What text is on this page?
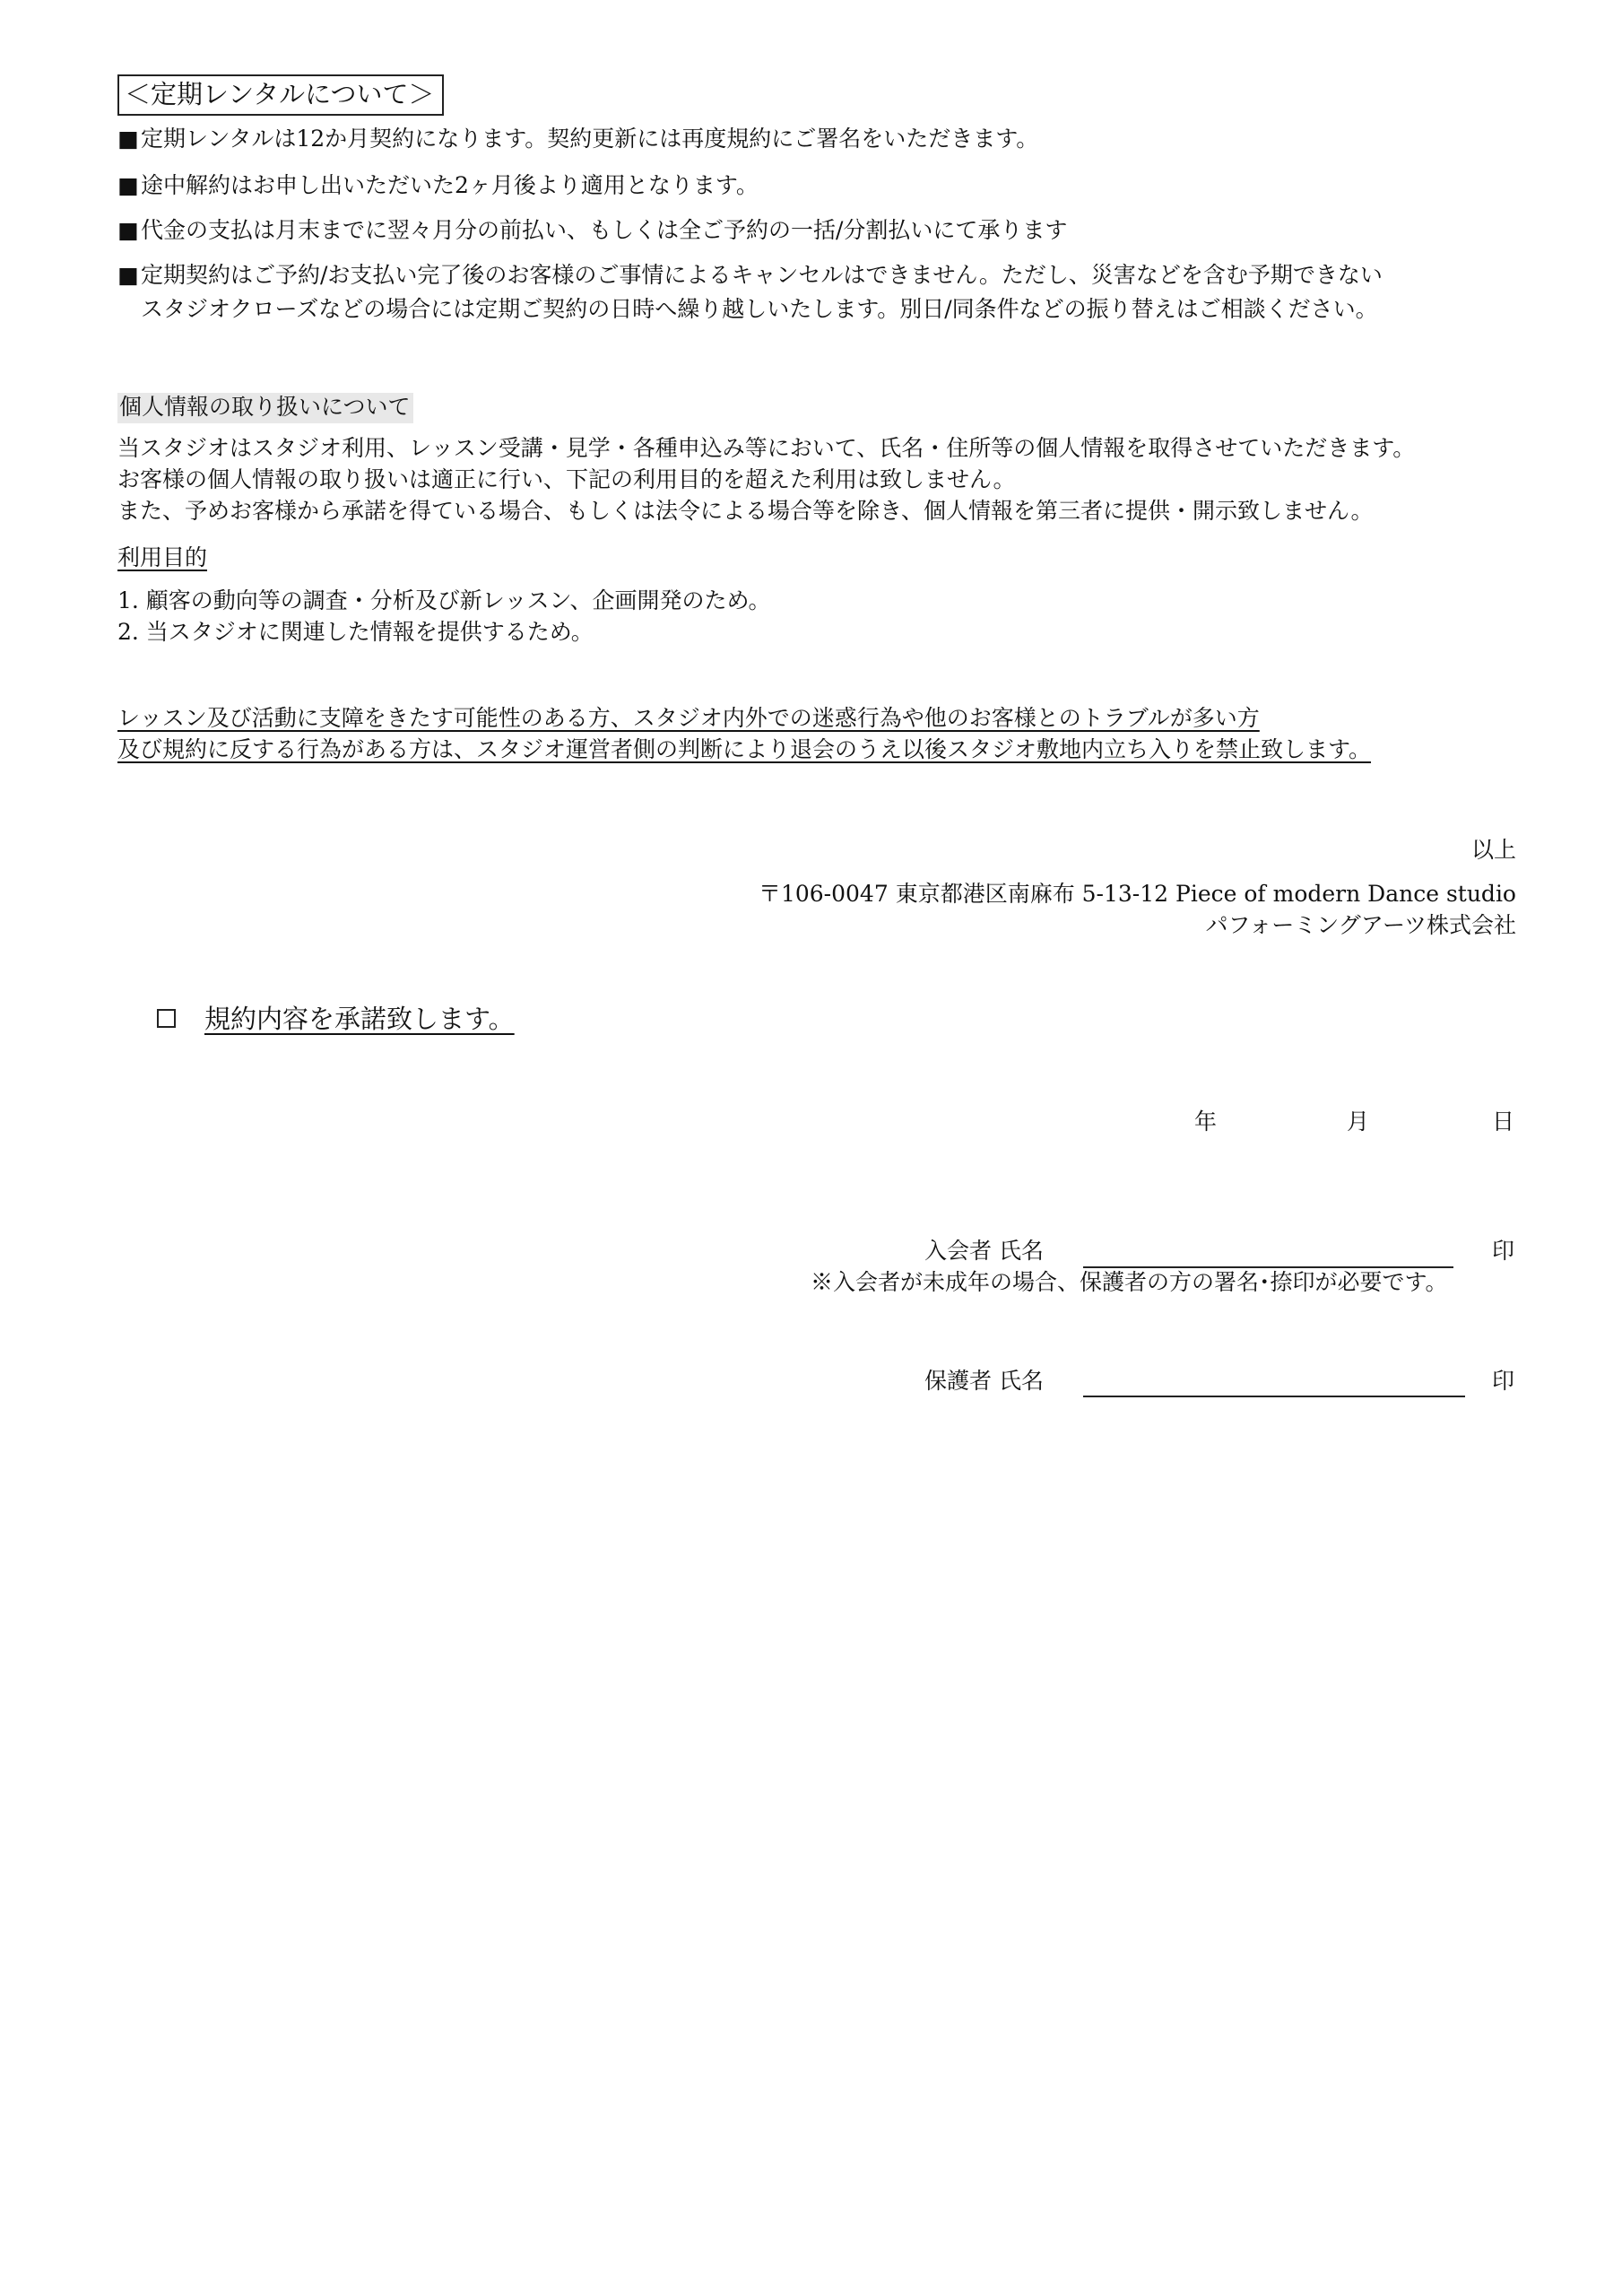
＜定期レンタルについて＞
■定期レンタルは12か月契約になります。契約更新には再度規約にご署名をいただきます。
■途中解約はお申し出いただいた2ヶ月後より適用となります。
■代金の支払は月末までに翌々月分の前払い、もしくは全ご予約の一括/分割払いにて承ります
■定期契約はご予約/お支払い完了後のお客様のご事情によるキャンセルはできません。ただし、災害などを含む予期できない
スタジオクローズなどの場合には定期ご契約の日時へ繰り越しいたします。別日/同条件などの振り替えはご相談ください。
個人情報の取り扱いについて
当スタジオはスタジオ利用、レッスン受講・見学・各種申込み等において、氏名・住所等の個人情報を取得させていただきます。
お客様の個人情報の取り扱いは適正に行い、下記の利用目的を超えた利用は致しません。
また、予めお客様から承諾を得ている場合、もしくは法令による場合等を除き、個人情報を第三者に提供・開示致しません。
利用目的
1. 顧客の動向等の調査・分析及び新レッスン、企画開発のため。
2. 当スタジオに関連した情報を提供するため。
レッスン及び活動に支障をきたす可能性のある方、スタジオ内外での迷惑行為や他のお客様とのトラブルが多い方
及び規約に反する行為がある方は、スタジオ運営者側の判断により退会のうえ以後スタジオ敷地内立ち入りを禁止致します。
以上
〒106-0047 東京都港区南麻布 5-13-12 Piece of modern Dance studio
パフォーミングアーツ株式会社
規約内容を承諾致します。
年	月	日
入会者 氏名	印
※入会者が未成年の場合、保護者の方の署名･捺印が必要です。
保護者 氏名	印
